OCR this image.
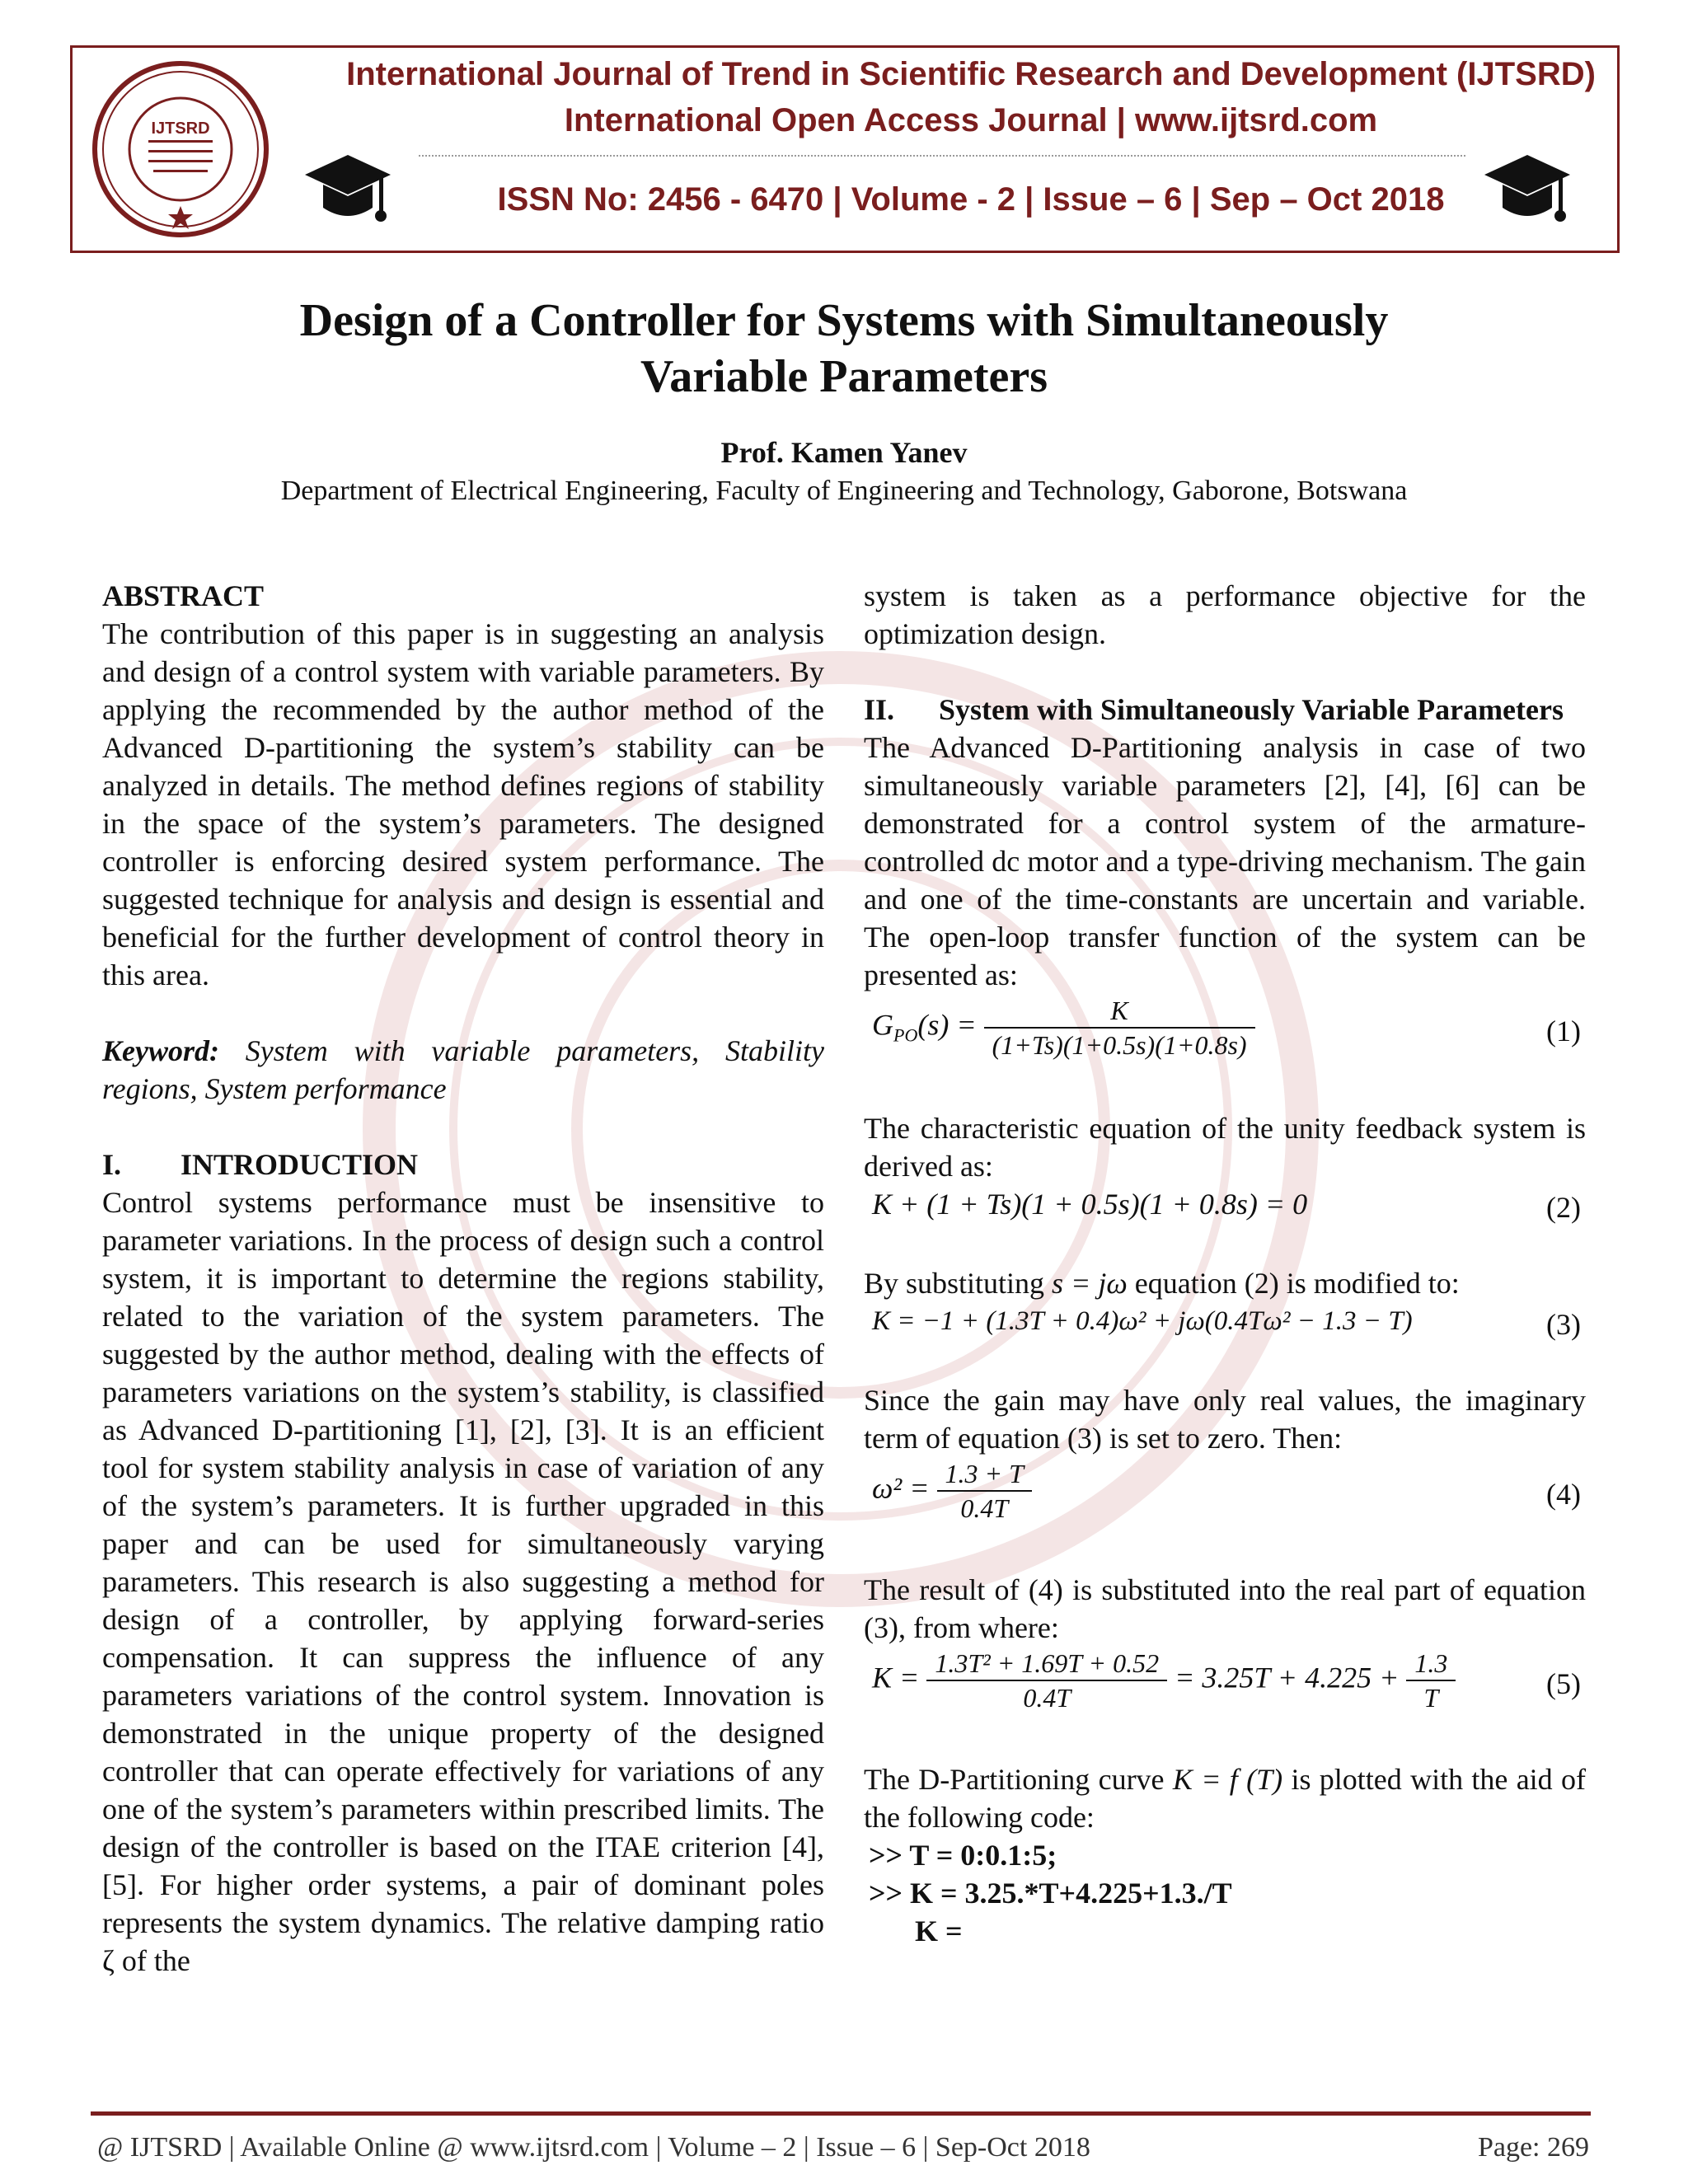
IJTSRD
International Journal of Trend in Scientific Research and Development (IJTSRD)
International Open Access Journal | www.ijtsrd.com
ISSN No: 2456 - 6470 | Volume - 2 | Issue – 6 | Sep – Oct 2018
Design of a Controller for Systems with Simultaneously
Variable Parameters
Prof. Kamen Yanev
Department of Electrical Engineering, Faculty of Engineering and Technology, Gaborone, Botswana

ABSTRACT

The contribution of this paper is in suggesting an analysis and design of a control system with variable parameters. By applying the recommended by the author method of the Advanced D-partitioning the system’s stability can be analyzed in details. The method defines regions of stability in the space of the system’s parameters. The designed controller is enforcing desired system performance. The suggested technique for analysis and design is essential and beneficial for the further development of control theory in this area.

Keyword: System with variable parameters, Stability regions, System performance

I.        INTRODUCTION

Control systems performance must be insensitive to parameter variations. In the process of design such a control system, it is important to determine the regions stability, related to the variation of the system parameters. The suggested by the author method, dealing with the effects of parameters variations on the system’s stability, is classified as Advanced D-partitioning [1], [2], [3]. It is an efficient tool for system stability analysis in case of variation of any of the system’s parameters. It is further upgraded in this paper and can be used for simultaneously varying parameters. This research is also suggesting a method for design of a controller, by applying forward-series compensation. It can suppress the influence of any parameters variations of the control system. Innovation is demonstrated in the unique property of the designed controller that can operate effectively for variations of any one of the system’s parameters within prescribed limits. The design of the controller is based on the ITAE criterion [4], [5]. For higher order systems, a pair of dominant poles represents the system dynamics. The relative damping ratio ζ of the

system is taken as a performance objective for the optimization design.

II.      System with Simultaneously Variable Parameters

The Advanced D-Partitioning analysis in case of two simultaneously variable parameters [2], [4], [6] can be demonstrated for a control system of the armature-controlled dc motor and a type-driving mechanism. The gain and one of the time-constants are uncertain and variable. The open-loop transfer function of the system can be presented as:

$G_{PO}(s) = \frac{K}{(1+Ts)(1+0.5s)(1+0.8s)}$	(1)

The characteristic equation of the unity feedback system is derived as:

K + (1 + Ts)(1 + 0.5s)(1 + 0.8s) = 0	(2)

By substituting s = jω equation (2) is modified to:

K = −1 + (1.3T + 0.4)ω² + jω(0.4Tω² − 1.3 − T)	(3)

Since the gain may have only real values, the imaginary term of equation (3) is set to zero. Then:

$\omega^2 = \frac{1.3 + T}{0.4T}$	(4)

The result of (4) is substituted into the real part of equation (3), from where:

$K = \frac{\text{1.3T² + 1.69T + 0.52}}{0.4T} = 3.25T + 4.225 + \frac{1.3}{T}$	(5)

The D-Partitioning curve K = f (T) is plotted with the aid of the following code:

>> T = 0:0.1:5;

>> K = 3.25.*T+4.225+1.3./T

K =

@ IJTSRD | Available Online @ www.ijtsrd.com | Volume – 2 | Issue – 6 | Sep-Oct 2018	Page: 269
